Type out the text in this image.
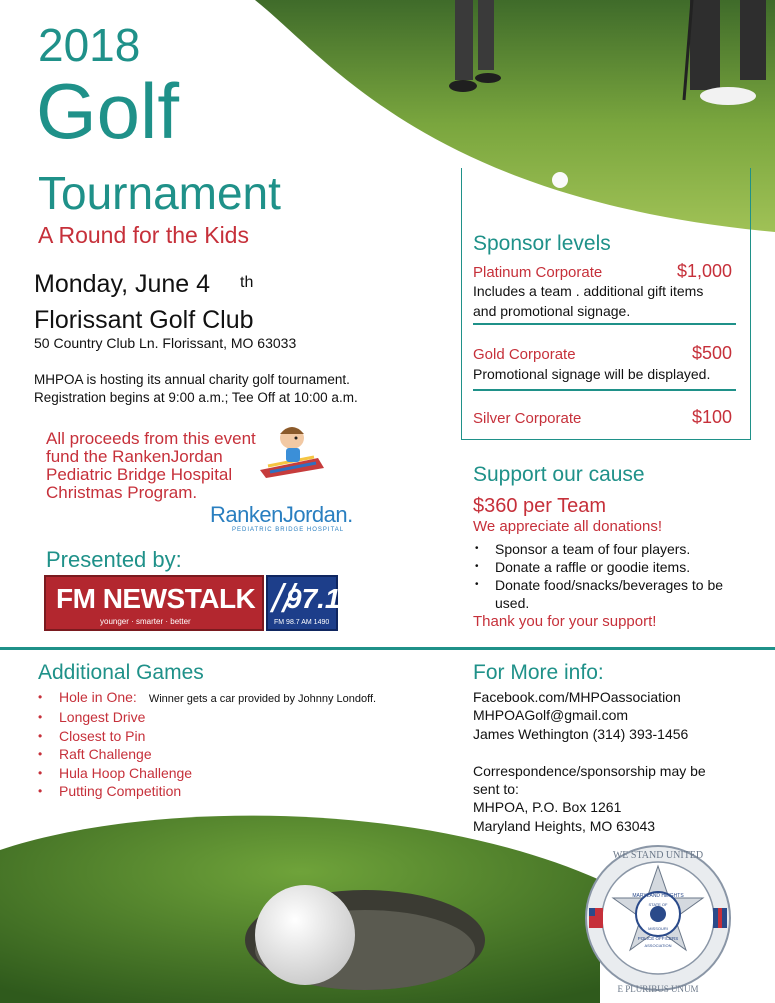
2018
Golf
Tournament
A Round for the Kids
Monday, June 4 th
Florissant Golf Club
50 Country Club Ln. Florissant, MO 63033
MHPOA is hosting its annual charity golf tournament.
Registration begins at 9:00 a.m.; Tee Off at 10:00 a.m.
All proceeds from this event fund the RankenJordan Pediatric Bridge Hospital Christmas Program.
RankenJordan.
PEDIATRIC BRIDGE HOSPITAL
Presented by:
FM NEWSTALK
younger · smarter · better
//
97.1
FM 98.7 AM 1490
Sponsor levels
Platinum Corporate	$1,000
Includes a team . additional gift items
and promotional signage.
Gold Corporate	$500
Promotional signage will be displayed.
Silver Corporate	$100
Support our cause
$360 per Team
We appreciate all donations!
• Sponsor a team of four players.
• Donate a raffle or goodie items.
• Donate food/snacks/beverages to be used.
Thank you for your support!
Additional Games
• Hole in One: Winner gets a car provided by Johnny Londoff.
• Longest Drive
• Closest to Pin
• Raft Challenge
• Hula Hoop Challenge
• Putting Competition
For More info:
Facebook.com/MHPOassociation
MHPOAGolf@gmail.com
James Wethington (314) 393-1456
Correspondence/sponsorship may be
sent to:
MHPOA, P.O. Box 1261
Maryland Heights, MO 63043
WE STAND UNITED
E PLURIBUS UNUM
MARYLAND HEIGHTS
STATE OF
MISSOURI
POLICE OFFICERS
ASSOCIATION
